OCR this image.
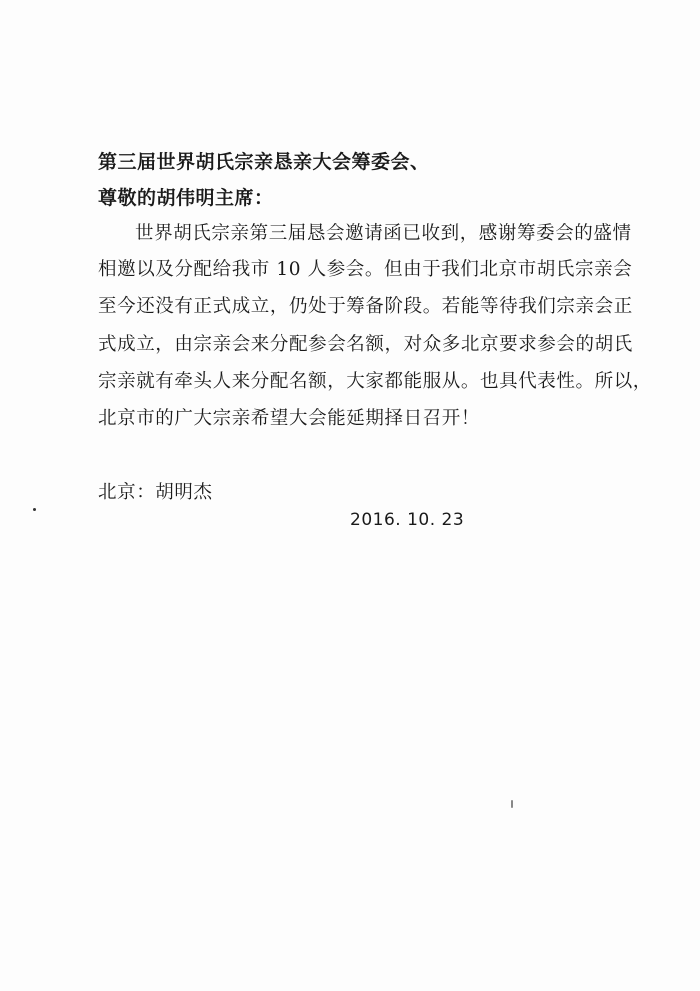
第三届世界胡氏宗亲恳亲大会筹委会、
尊敬的胡伟明主席：
世界胡氏宗亲第三届恳会邀请函已收到，感谢筹委会的盛情
相邀以及分配给我市 10 人参会。但由于我们北京市胡氏宗亲会
至今还没有正式成立，仍处于筹备阶段。若能等待我们宗亲会正
式成立，由宗亲会来分配参会名额，对众多北京要求参会的胡氏
宗亲就有牵头人来分配名额，大家都能服从。也具代表性。所以，
北京市的广大宗亲希望大会能延期择日召开！
北京：胡明杰
2016. 10. 23
